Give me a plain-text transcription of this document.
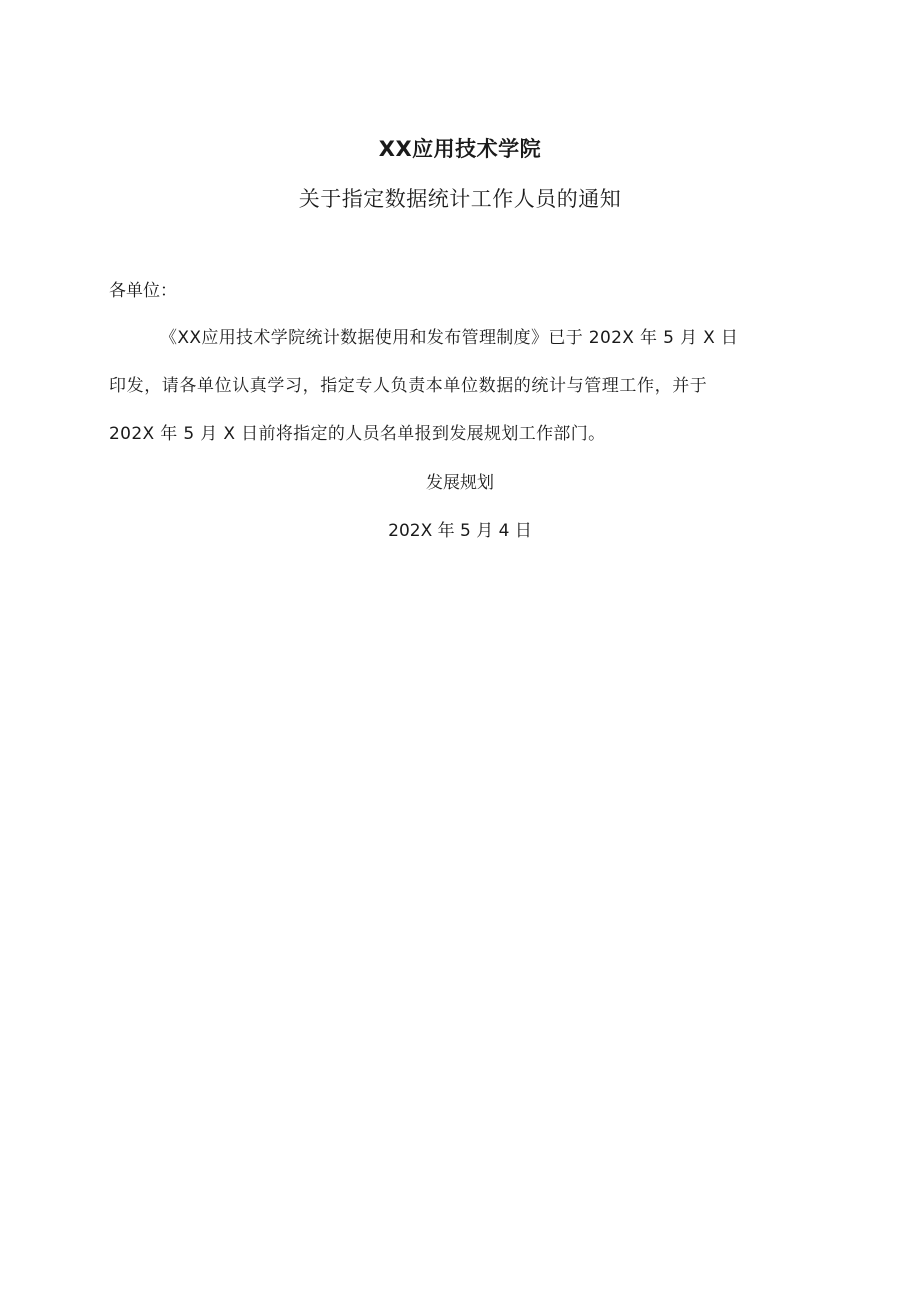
XX应用技术学院
关于指定数据统计工作人员的通知
各单位：
《XX应用技术学院统计数据使用和发布管理制度》已于 202X 年 5 月 X 日
印发，请各单位认真学习，指定专人负责本单位数据的统计与管理工作，并于
202X 年 5 月 X 日前将指定的人员名单报到发展规划工作部门。
发展规划
202X 年 5 月 4 日
